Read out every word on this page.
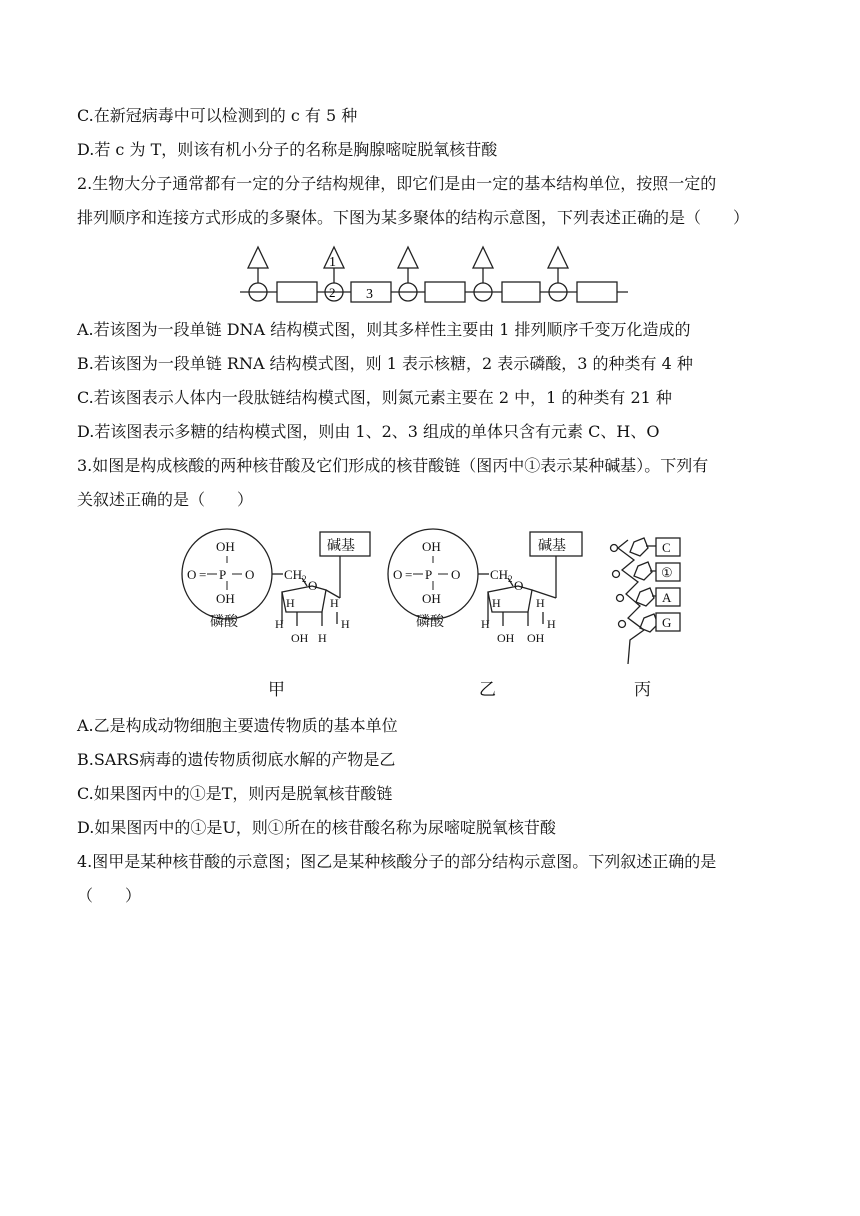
C.在新冠病毒中可以检测到的 c 有 5 种
D.若 c 为 T，则该有机小分子的名称是胸腺嘧啶脱氧核苷酸
2.生物大分子通常都有一定的分子结构规律，即它们是由一定的基本结构单位，按照一定的
排列顺序和连接方式形成的多聚体。下图为某多聚体的结构示意图，下列表述正确的是（　　）
1
2 3
A.若该图为一段单链 DNA 结构模式图，则其多样性主要由 1 排列顺序千变万化造成的
B.若该图为一段单链 RNA 结构模式图，则 1 表示核糖，2 表示磷酸，3 的种类有 4 种
C.若该图表示人体内一段肽链结构模式图，则氮元素主要在 2 中，1 的种类有 21 种
D.若该图表示多糖的结构模式图，则由 1、2、3 组成的单体只含有元素 C、H、O
3.如图是构成核酸的两种核苷酸及它们形成的核苷酸链（图丙中①表示某种碱基）。下列有
关叙述正确的是（　　）
OH
O = P O
OH
磷酸
CH 2 O
碱基
H	H
H	H
OH H
甲
OH
O = P O
OH
磷酸
CH 2 O
碱基
H	H
H	H
OH OH
乙
C
①
A
G
丙
A.乙是构成动物细胞主要遗传物质的基本单位
B.SARS病毒的遗传物质彻底水解的产物是乙
C.如果图丙中的①是T，则丙是脱氧核苷酸链
D.如果图丙中的①是U，则①所在的核苷酸名称为尿嘧啶脱氧核苷酸
4.图甲是某种核苷酸的示意图；图乙是某种核酸分子的部分结构示意图。下列叙述正确的是
（　　）
